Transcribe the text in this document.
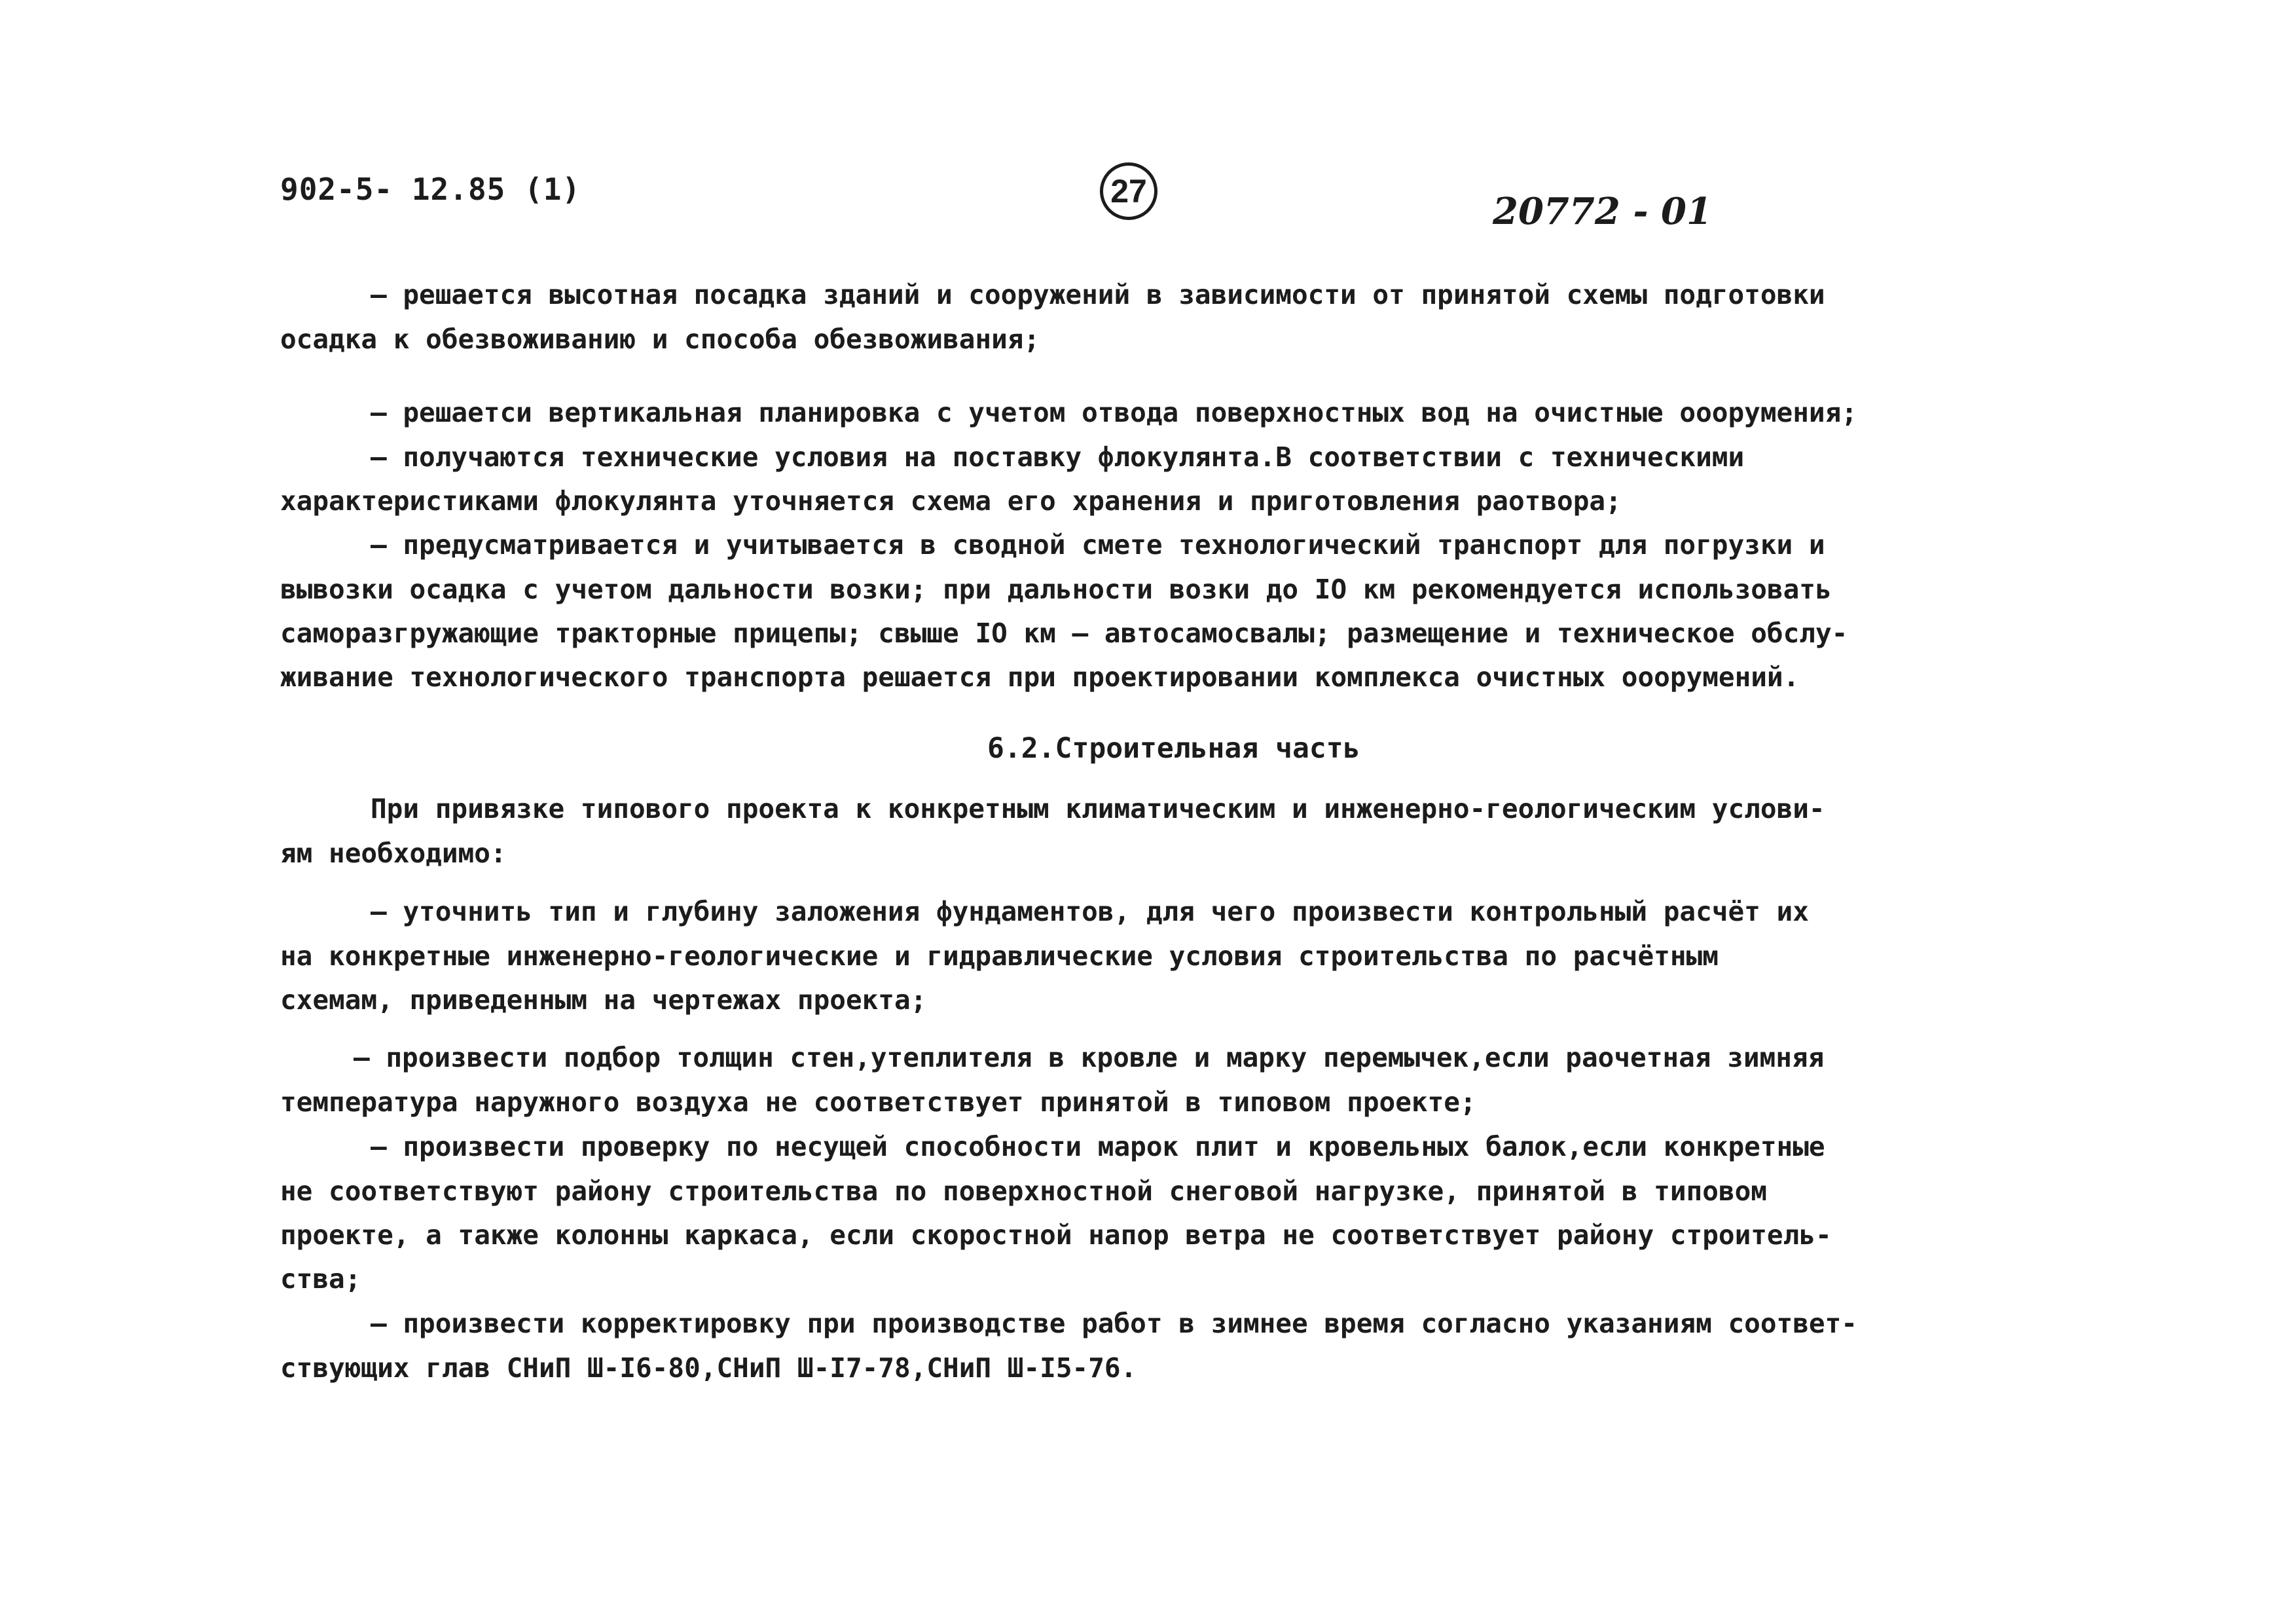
902-5- 12.85 (1)	27	20772 - 01
– решается высотная посадка зданий и сооружений в зависимости от принятой схемы подготовки
осадка к обезвоживанию и способа обезвоживания;
– решаетси вертикальная планировка с учетом отвода поверхностных вод на очистные ооорумения;
– получаются технические условия на поставку флокулянта.В соответствии с техническими
характеристиками флокулянта уточняется схема его хранения и приготовления раотвора;
– предусматривается и учитывается в сводной смете технологический транспорт для погрузки и
вывозки осадка с учетом дальности возки; при дальности возки до IO км рекомендуется использовать
саморазгружающие тракторные прицепы; свыше IO км – автосамосвалы; размещение и техническое обслу-
живание технологического транспорта решается при проектировании комплекса очистных ооорумений.
При привязке типового проекта к конкретным климатическим и инженерно-геологическим услови-
ям необходимо:
– уточнить тип и глубину заложения фундаментов, для чего произвести контрольный расчёт их
на конкретные инженерно-геологические и гидравлические условия строительства по расчётным
схемам, приведенным на чертежах проекта;
– произвести подбор толщин стен,утеплителя в кровле и марку перемычек,если раочетная зимняя
температура наружного воздуха не соответствует принятой в типовом проекте;
– произвести проверку по несущей способности марок плит и кровельных балок,если конкретные
не соответствуют району строительства по поверхностной снеговой нагрузке, принятой в типовом
проекте, а также колонны каркаса, если скоростной напор ветра не соответствует району строитель-
ства;
– произвести корректировку при производстве работ в зимнее время согласно указаниям соответ-
ствующих глав СНиП Ш-I6-80,СНиП Ш-I7-78,СНиП Ш-I5-76.
6.2.Строительная часть
